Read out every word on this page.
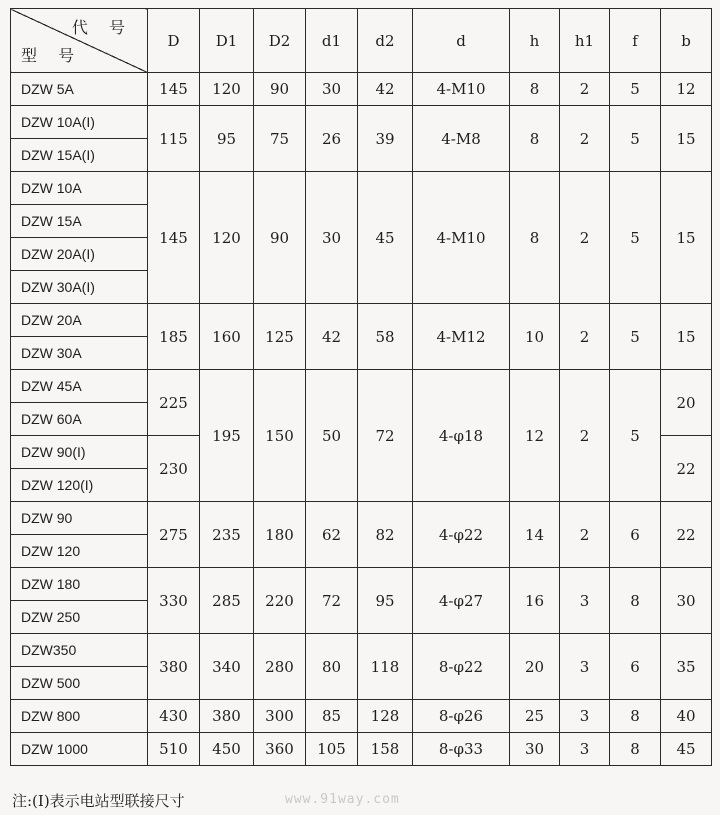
代 号
型 号	D	D1	D2	d1	d2	d	h	h1	f	b
DZW 5A	145	120	90	30	42	4-M10	8	2	5	12
DZW 10A(I)	115	95	75	26	39	4-M8	8	2	5	15
DZW 15A(I)										
DZW 10A	145	120	90	30	45	4-M10	8	2	5	15
DZW 15A										
DZW 20A(I)										
DZW 30A(I)										
DZW 20A	185	160	125	42	58	4-M12	10	2	5	15
DZW 30A										
DZW 45A	225	195	150	50	72	4-φ18	12	2	5	20
DZW 60A										
DZW 90(I)	230									22
DZW 120(I)										
DZW 90	275	235	180	62	82	4-φ22	14	2	6	22
DZW 120										
DZW 180	330	285	220	72	95	4-φ27	16	3	8	30
DZW 250										
DZW350	380	340	280	80	118	8-φ22	20	3	6	35
DZW 500										
DZW 800	430	380	300	85	128	8-φ26	25	3	8	40
DZW 1000	510	450	360	105	158	8-φ33	30	3	8	45
注:(I)表示电站型联接尺寸	www.91way.com
